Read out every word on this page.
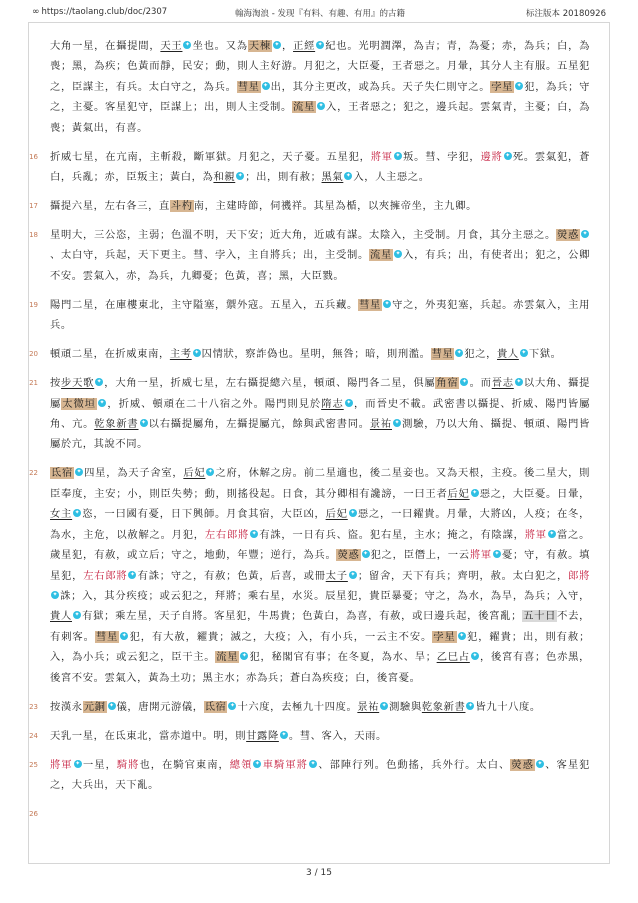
∞ https://taolang.club/doc/2307	翰海淘浪 - 发现『有料、有趣、有用』的古籍	标注版本 20180926
大角一星，在攝提間，天王 ✦ 坐也。又為天棟 ✦ ，正經 ✦ 紀也。光明潤澤，為吉；青，為憂；赤，為兵；白，為喪；黑，為疾；色黃而靜，民安；動，則人主好游。月犯之，大臣憂，王者惡之。月暈，其分人主有服。五星犯之，臣謀主，有兵。太白守之，為兵。彗星 ✦ 出，其分主更改，或為兵。天子失仁則守之。孛星 ✦ 犯，為兵；守之，主憂。客星犯守，臣謀上；出，則人主受制。流星 ✦ 入，王者惡之；犯之，邊兵起。雲氣青，主憂；白，為喪；黃氣出，有喜。
16 折威七星，在亢南，主斬殺，斷軍獄。月犯之，天子憂。五星犯，將軍 ✦ 叛。彗、孛犯，邊將 ✦ 死。雲氣犯，蒼白，兵亂；赤，臣叛主；黃白，為和親 ✦ ；出，則有赦；黑氣 ✦ 入，人主惡之。
17 攝提六星，左右各三，直斗杓南，主建時節，伺禨祥。其星為楯，以夾擁帝坐，主九卿。
18 星明大，三公恣，主弱；色溫不明，天下安；近大角，近戚有謀。太陰入，主受制。月食，其分主惡之。熒惑 ✦、太白守，兵起，天下更主。彗、孛入，主自將兵；出，主受制。流星 ✦ 入，有兵；出，有使者出；犯之，公卿不安。雲氣入，赤，為兵，九卿憂；色黃，喜；黑，大臣戮。
19 陽門二星，在庫樓東北，主守隘塞，禦外寇。五星入，五兵藏。彗星 ✦ 守之，外夷犯塞，兵起。赤雲氣入，主用兵。
20 頓頑二星，在折威東南，主考 ✦ 囚情狀，察詐偽也。星明，無咎；暗，則刑濫。彗星 ✦ 犯之，貴人 ✦ 下獄。
21 按步天歌 ✦ ，大角一星，折威七星，左右攝提總六星，頓頑、陽門各二星，俱屬角宿 ✦ 。而晉志 ✦ 以大角、攝提屬太微垣 ✦ ，折威、頓頑在二十八宿之外。陽門則見於隋志 ✦ ，而晉史不載。武密書以攝提、折威、陽門皆屬角、亢。乾象新書 ✦ 以右攝提屬角，左攝提屬亢，餘與武密書同。景祐 ✦ 測驗，乃以大角、攝提、頓頑、陽門皆屬於亢，其說不同。
22 氐宿 ✦ 四星，為天子舍室，后妃 ✦ 之府，休解之房。前二星適也，後二星妾也。又為天根，主疫。後二星大，則臣奉度，主安；小，則臣失勢；動，則搖役起。日食，其分卿相有讒謗，一曰王者后妃 ✦ 惡之，大臣憂。日暈，女主 ✦ 恣，一曰國有憂，日下興師。月食其宿，大臣凶，后妃 ✦ 惡之，一曰糴貴。月暈，大將凶，人疫；在冬，為水，主危，以赦解之。月犯，左右郎將 ✦ 有誅，一日有兵、盜。犯右星，主水；掩之，有陰謀，將軍 ✦ 當之。歲星犯，有赦，或立后；守之，地動，年豐；逆行，為兵。熒惑 ✦ 犯之，臣僭上，一云將軍 ✦ 憂；守，有赦。填星犯，左右郎將 ✦ 有誅；守之，有赦；色黃，后喜，或冊太子 ✦ ；留舍，天下有兵；齊明，赦。太白犯之，郎將✦ 誅；入，其分疾疫；或云犯之，拜將；乘右星，水災。辰星犯，貴臣暴憂；守之，為水，為旱，為兵；入守，貴人 ✦ 有獄；乘左星，天子自將。客星犯，牛馬貴；色黃白，為喜，有赦，或曰邊兵起，後宮亂；五十日不去，有刺客。彗星 ✦ 犯，有大赦，糴貴；滅之，大疫；入，有小兵，一云主不安。孛星 ✦ 犯，糴貴；出，則有赦；入，為小兵；或云犯之，臣干主。流星 ✦ 犯，秘閣官有事；在冬夏，為水、旱；乙巳占 ✦ ，後宮有喜；色赤黑，後宮不安。雲氣入，黃為土功；黑主水；赤為兵；蒼白為疾疫；白，後宮憂。
23 按漢永元銅 ✦ 儀，唐開元游儀，氐宿 ✦ 十六度，去極九十四度。景祐 ✦ 測驗與乾象新書 ✦ 皆九十八度。
24 天乳一星，在氐東北，當赤道中。明，則甘露降 ✦ 。彗、客入，天雨。
25 將軍 ✦ 一星，騎將也，在騎官東南，總領 ✦ 車騎軍將 ✦ 、部陣行列。色動搖，兵外行。太白、熒惑 ✦ 、客星犯之，大兵出，天下亂。
26
3 / 15
